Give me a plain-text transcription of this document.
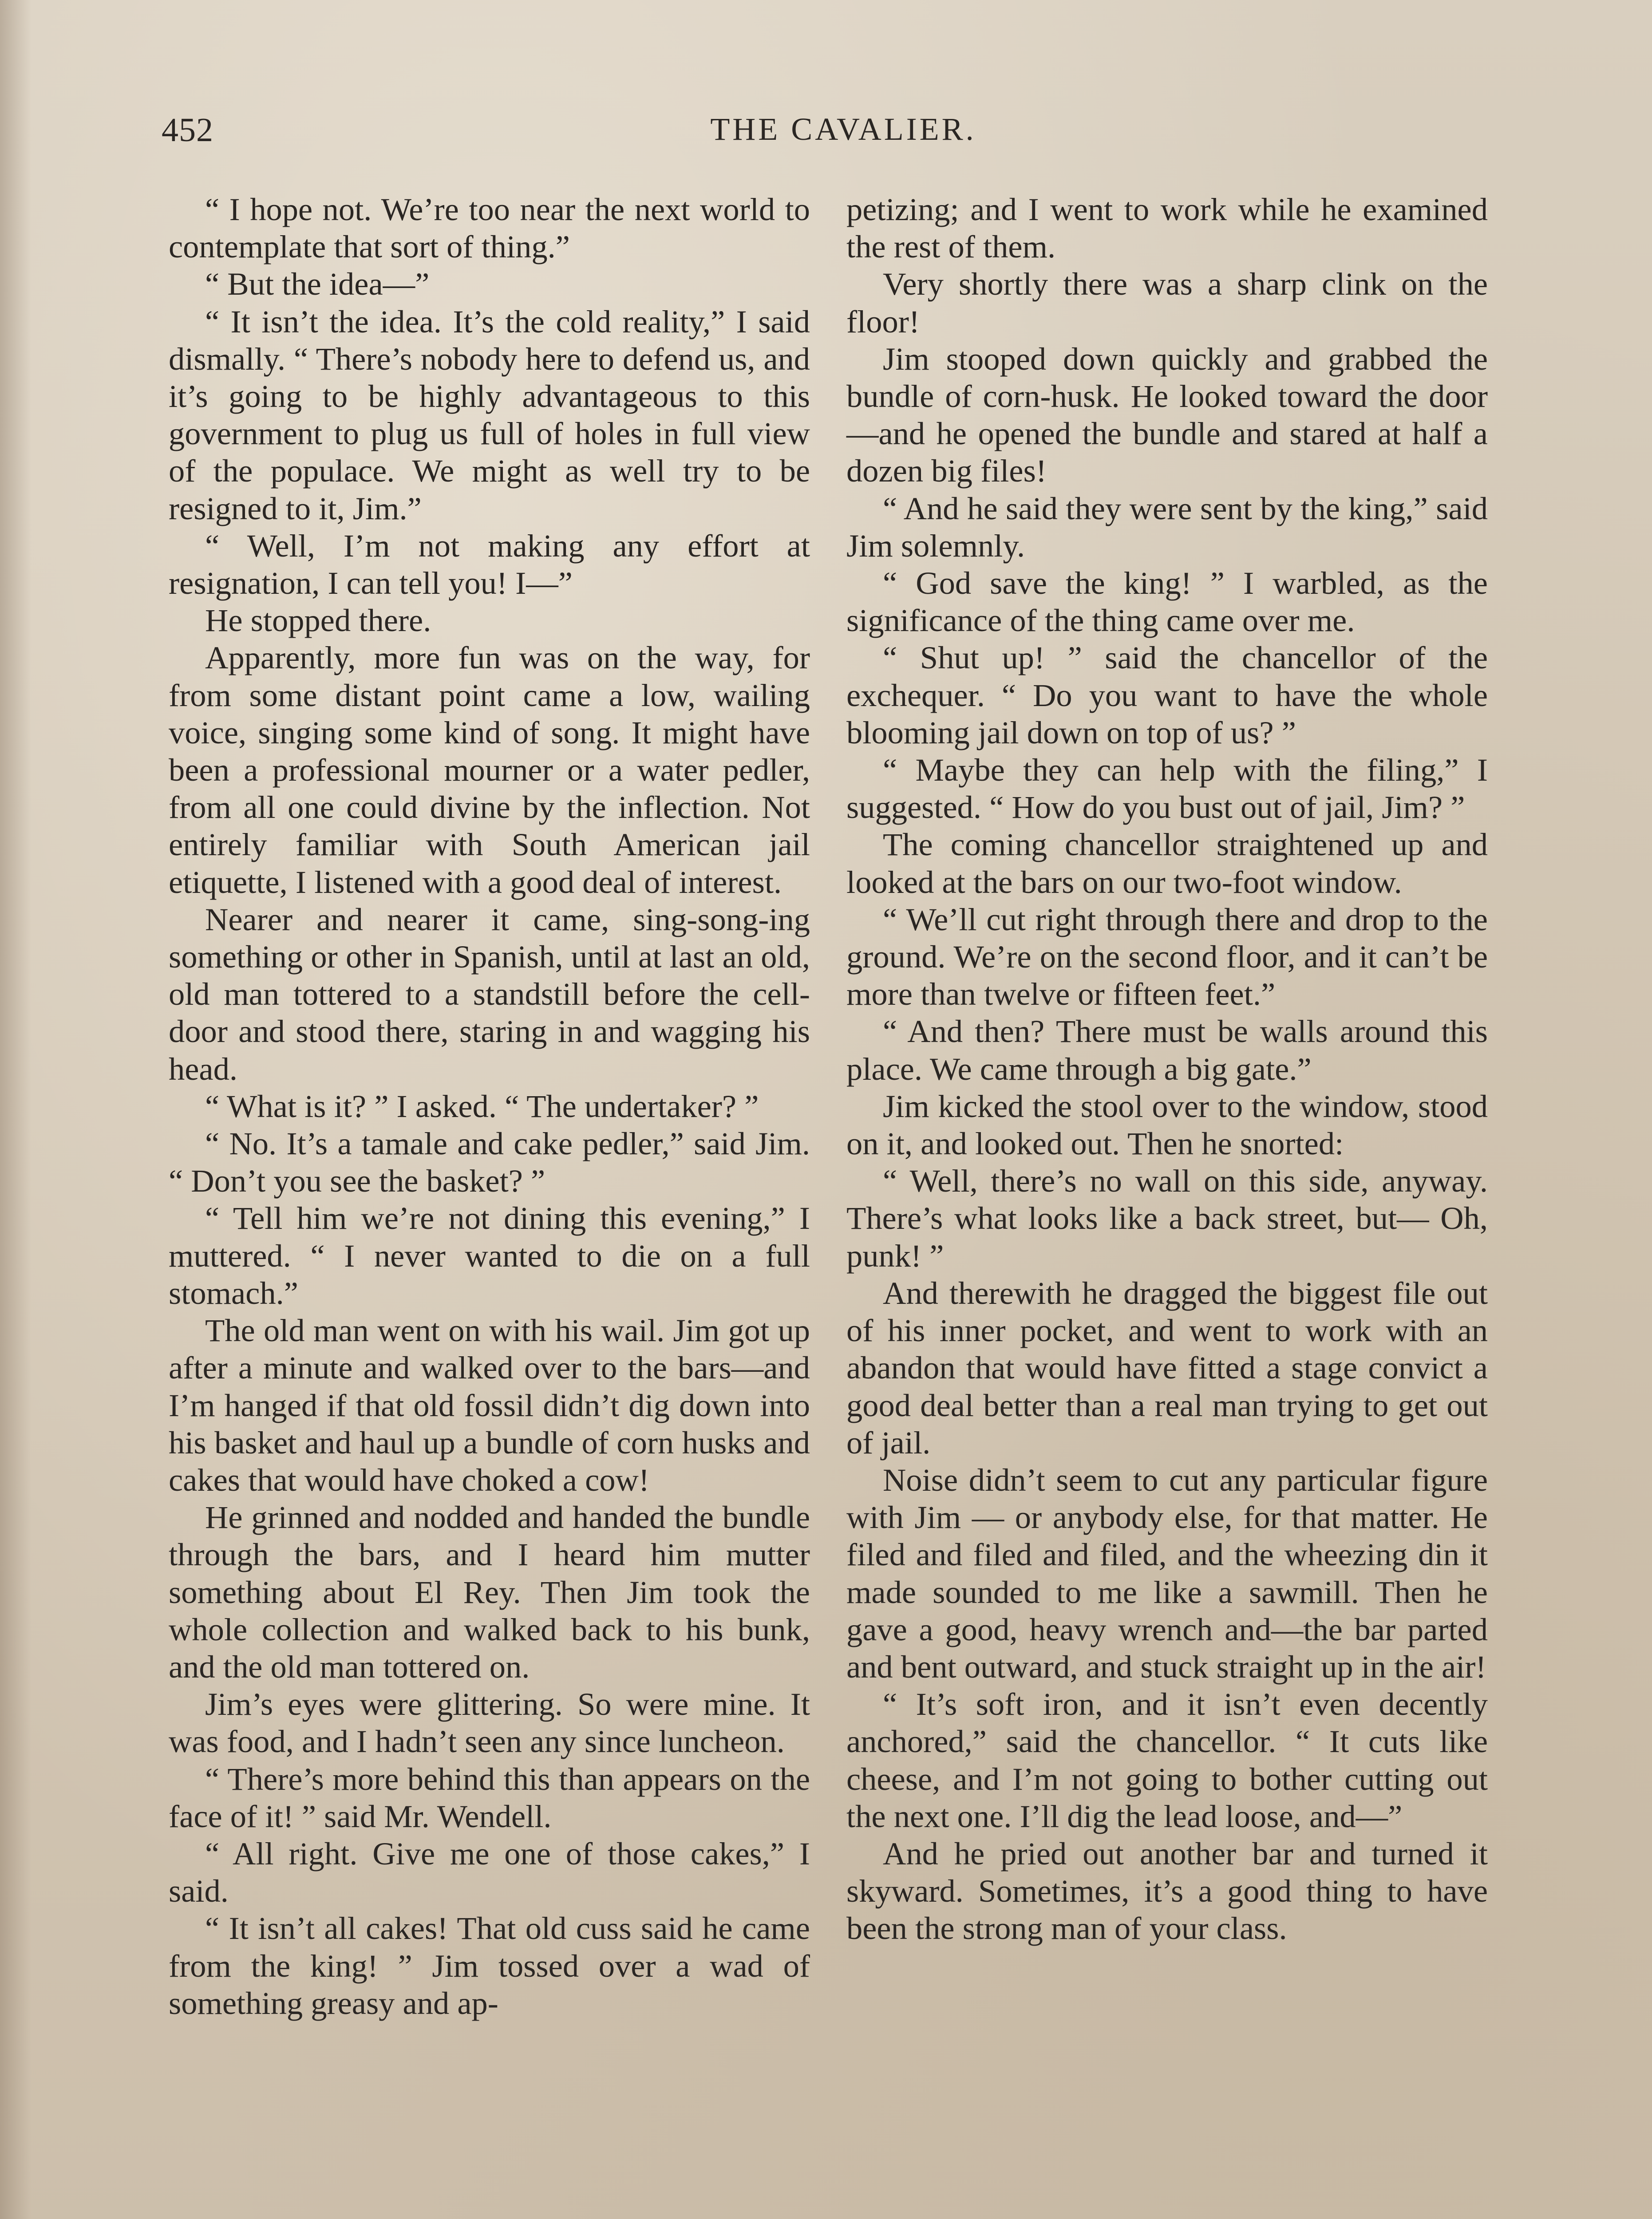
452	THE CAVALIER.

“ I hope not. We’re too near the next world to contemplate that sort of thing.”

“ But the idea—”

“ It isn’t the idea. It’s the cold reality,” I said dismally. “ There’s nobody here to defend us, and it’s going to be highly advantageous to this government to plug us full of holes in full view of the populace. We might as well try to be resigned to it, Jim.”

“ Well, I’m not making any effort at resignation, I can tell you! I—”

He stopped there.

Apparently, more fun was on the way, for from some distant point came a low, wailing voice, singing some kind of song. It might have been a professional mourner or a water pedler, from all one could divine by the inflection. Not entirely familiar with South American jail etiquette, I listened with a good deal of interest.

Nearer and nearer it came, sing-song-ing something or other in Spanish, until at last an old, old man tottered to a standstill before the cell-door and stood there, staring in and wagging his head.

“ What is it? ” I asked. “ The undertaker? ”

“ No. It’s a tamale and cake pedler,” said Jim. “ Don’t you see the basket? ”

“ Tell him we’re not dining this evening,” I muttered. “ I never wanted to die on a full stomach.”

The old man went on with his wail. Jim got up after a minute and walked over to the bars—and I’m hanged if that old fossil didn’t dig down into his basket and haul up a bundle of corn husks and cakes that would have choked a cow!

He grinned and nodded and handed the bundle through the bars, and I heard him mutter something about El Rey. Then Jim took the whole collection and walked back to his bunk, and the old man tottered on.

Jim’s eyes were glittering. So were mine. It was food, and I hadn’t seen any since luncheon.

“ There’s more behind this than appears on the face of it! ” said Mr. Wendell.

“ All right. Give me one of those cakes,” I said.

“ It isn’t all cakes! That old cuss said he came from the king! ” Jim tossed over a wad of something greasy and ap-

petizing; and I went to work while he examined the rest of them.

Very shortly there was a sharp clink on the floor!

Jim stooped down quickly and grabbed the bundle of corn-husk. He looked toward the door—and he opened the bundle and stared at half a dozen big files!

“ And he said they were sent by the king,” said Jim solemnly.

“ God save the king! ” I warbled, as the significance of the thing came over me.

“ Shut up! ” said the chancellor of the exchequer. “ Do you want to have the whole blooming jail down on top of us? ”

“ Maybe they can help with the filing,” I suggested. “ How do you bust out of jail, Jim? ”

The coming chancellor straightened up and looked at the bars on our two-foot window.

“ We’ll cut right through there and drop to the ground. We’re on the second floor, and it can’t be more than twelve or fifteen feet.”

“ And then? There must be walls around this place. We came through a big gate.”

Jim kicked the stool over to the window, stood on it, and looked out. Then he snorted:

“ Well, there’s no wall on this side, anyway. There’s what looks like a back street, but— Oh, punk! ”

And therewith he dragged the biggest file out of his inner pocket, and went to work with an abandon that would have fitted a stage convict a good deal better than a real man trying to get out of jail.

Noise didn’t seem to cut any particular figure with Jim — or anybody else, for that matter. He filed and filed and filed, and the wheezing din it made sounded to me like a sawmill. Then he gave a good, heavy wrench and—the bar parted and bent outward, and stuck straight up in the air!

“ It’s soft iron, and it isn’t even decently anchored,” said the chancellor. “ It cuts like cheese, and I’m not going to bother cutting out the next one. I’ll dig the lead loose, and—”

And he pried out another bar and turned it skyward. Sometimes, it’s a good thing to have been the strong man of your class.
